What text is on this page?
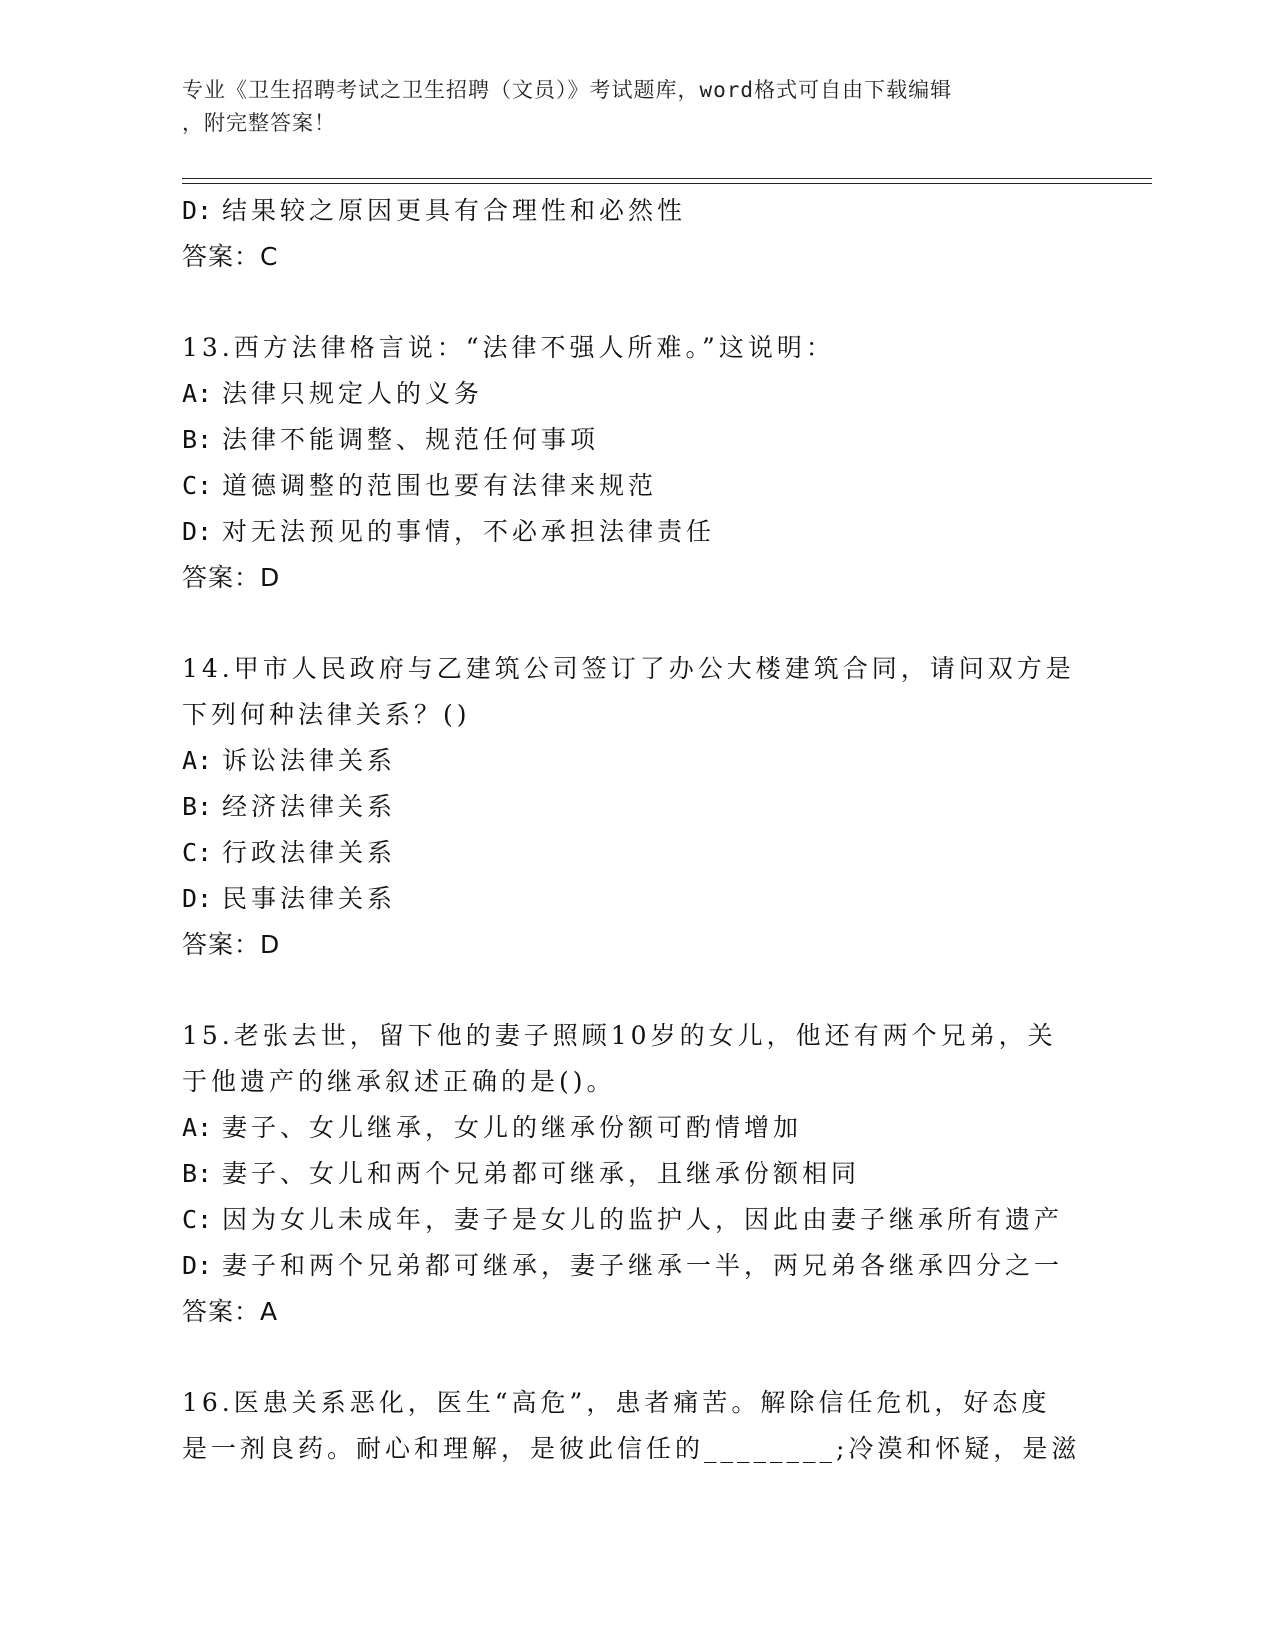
专业《卫生招聘考试之卫生招聘（文员）》考试题库，word格式可自由下载编辑
，附完整答案！
D: 结果较之原因更具有合理性和必然性
答案：C
13.西方法律格言说：“法律不强人所难。”这说明：
A: 法律只规定人的义务
B: 法律不能调整、规范任何事项
C: 道德调整的范围也要有法律来规范
D: 对无法预见的事情，不必承担法律责任
答案：D
14.甲市人民政府与乙建筑公司签订了办公大楼建筑合同，请问双方是
下列何种法律关系？()
A: 诉讼法律关系
B: 经济法律关系
C: 行政法律关系
D: 民事法律关系
答案：D
15.老张去世，留下他的妻子照顾10岁的女儿，他还有两个兄弟，关
于他遗产的继承叙述正确的是()。
A: 妻子、女儿继承，女儿的继承份额可酌情增加
B: 妻子、女儿和两个兄弟都可继承，且继承份额相同
C: 因为女儿未成年，妻子是女儿的监护人，因此由妻子继承所有遗产
D: 妻子和两个兄弟都可继承，妻子继承一半，两兄弟各继承四分之一
答案：A
16.医患关系恶化，医生“高危”，患者痛苦。解除信任危机，好态度
是一剂良药。耐心和理解，是彼此信任的________;冷漠和怀疑，是滋
